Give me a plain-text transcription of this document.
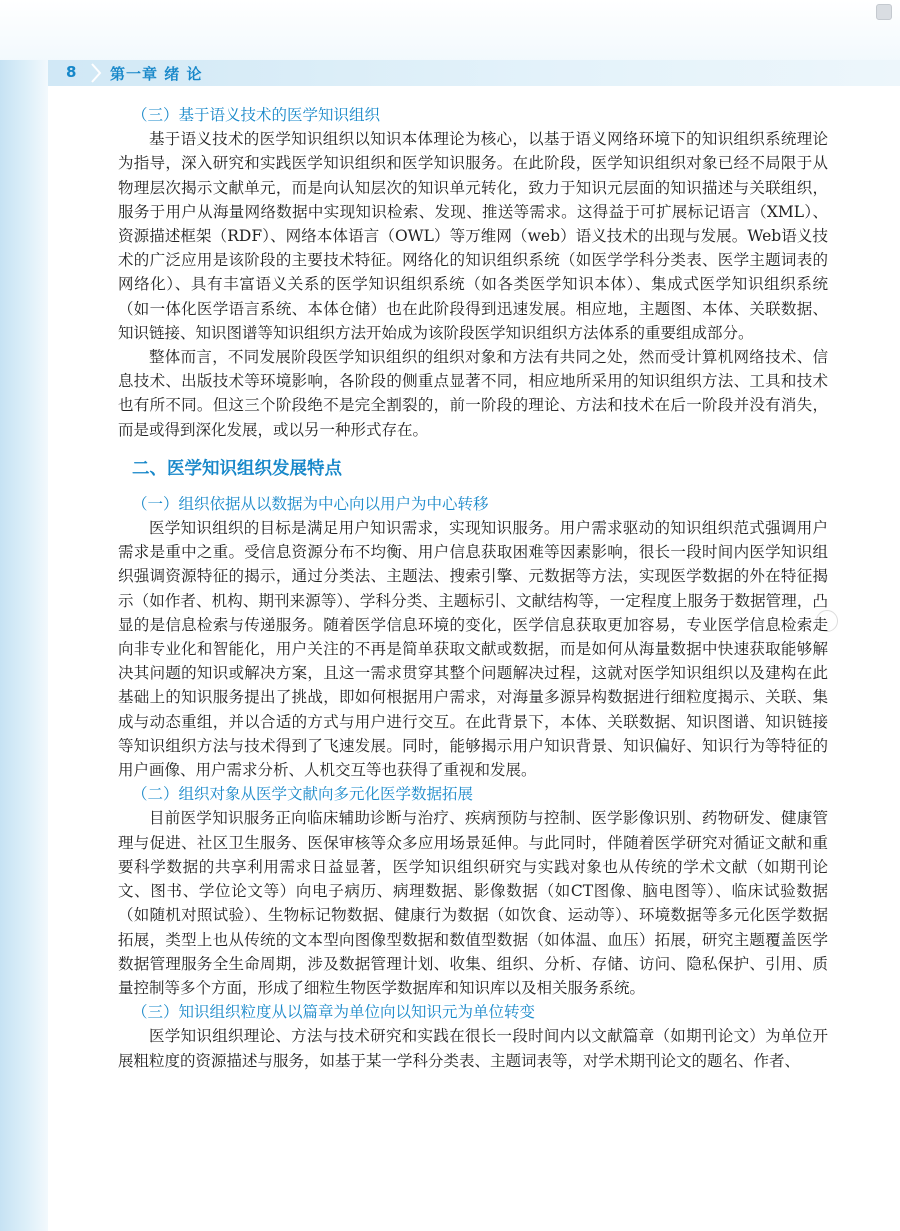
8 第一章 绪 论
（三）基于语义技术的医学知识组织

基于语义技术的医学知识组织以知识本体理论为核心，以基于语义网络环境下的知识组织系统理论为指导，深入研究和实践医学知识组织和医学知识服务。在此阶段，医学知识组织对象已经不局限于从物理层次揭示文献单元，而是向认知层次的知识单元转化，致力于知识元层面的知识描述与关联组织，服务于用户从海量网络数据中实现知识检索、发现、推送等需求。这得益于可扩展标记语言（XML）、资源描述框架（RDF）、网络本体语言（OWL）等万维网（web）语义技术的出现与发展。Web语义技术的广泛应用是该阶段的主要技术特征。网络化的知识组织系统（如医学学科分类表、医学主题词表的网络化）、具有丰富语义关系的医学知识组织系统（如各类医学知识本体）、集成式医学知识组织系统（如一体化医学语言系统、本体仓储）也在此阶段得到迅速发展。相应地，主题图、本体、关联数据、知识链接、知识图谱等知识组织方法开始成为该阶段医学知识组织方法体系的重要组成部分。

整体而言，不同发展阶段医学知识组织的组织对象和方法有共同之处，然而受计算机网络技术、信息技术、出版技术等环境影响，各阶段的侧重点显著不同，相应地所采用的知识组织方法、工具和技术也有所不同。但这三个阶段绝不是完全割裂的，前一阶段的理论、方法和技术在后一阶段并没有消失，而是或得到深化发展，或以另一种形式存在。

二、医学知识组织发展特点
（一）组织依据从以数据为中心向以用户为中心转移

医学知识组织的目标是满足用户知识需求，实现知识服务。用户需求驱动的知识组织范式强调用户需求是重中之重。受信息资源分布不均衡、用户信息获取困难等因素影响，很长一段时间内医学知识组织强调资源特征的揭示，通过分类法、主题法、搜索引擎、元数据等方法，实现医学数据的外在特征揭示（如作者、机构、期刊来源等）、学科分类、主题标引、文献结构等，一定程度上服务于数据管理，凸显的是信息检索与传递服务。随着医学信息环境的变化，医学信息获取更加容易，专业医学信息检索走向非专业化和智能化，用户关注的不再是简单获取文献或数据，而是如何从海量数据中快速获取能够解决其问题的知识或解决方案，且这一需求贯穿其整个问题解决过程，这就对医学知识组织以及建构在此基础上的知识服务提出了挑战，即如何根据用户需求，对海量多源异构数据进行细粒度揭示、关联、集成与动态重组，并以合适的方式与用户进行交互。在此背景下，本体、关联数据、知识图谱、知识链接等知识组织方法与技术得到了飞速发展。同时，能够揭示用户知识背景、知识偏好、知识行为等特征的用户画像、用户需求分析、人机交互等也获得了重视和发展。

（二）组织对象从医学文献向多元化医学数据拓展

目前医学知识服务正向临床辅助诊断与治疗、疾病预防与控制、医学影像识别、药物研发、健康管理与促进、社区卫生服务、医保审核等众多应用场景延伸。与此同时，伴随着医学研究对循证文献和重要科学数据的共享利用需求日益显著，医学知识组织研究与实践对象也从传统的学术文献（如期刊论文、图书、学位论文等）向电子病历、病理数据、影像数据（如CT图像、脑电图等）、临床试验数据（如随机对照试验）、生物标记物数据、健康行为数据（如饮食、运动等）、环境数据等多元化医学数据拓展，类型上也从传统的文本型向图像型数据和数值型数据（如体温、血压）拓展，研究主题覆盖医学数据管理服务全生命周期，涉及数据管理计划、收集、组织、分析、存储、访问、隐私保护、引用、质量控制等多个方面，形成了细粒生物医学数据库和知识库以及相关服务系统。

（三）知识组织粒度从以篇章为单位向以知识元为单位转变

医学知识组织理论、方法与技术研究和实践在很长一段时间内以文献篇章（如期刊论文）为单位开展粗粒度的资源描述与服务，如基于某一学科分类表、主题词表等，对学术期刊论文的题名、作者、
